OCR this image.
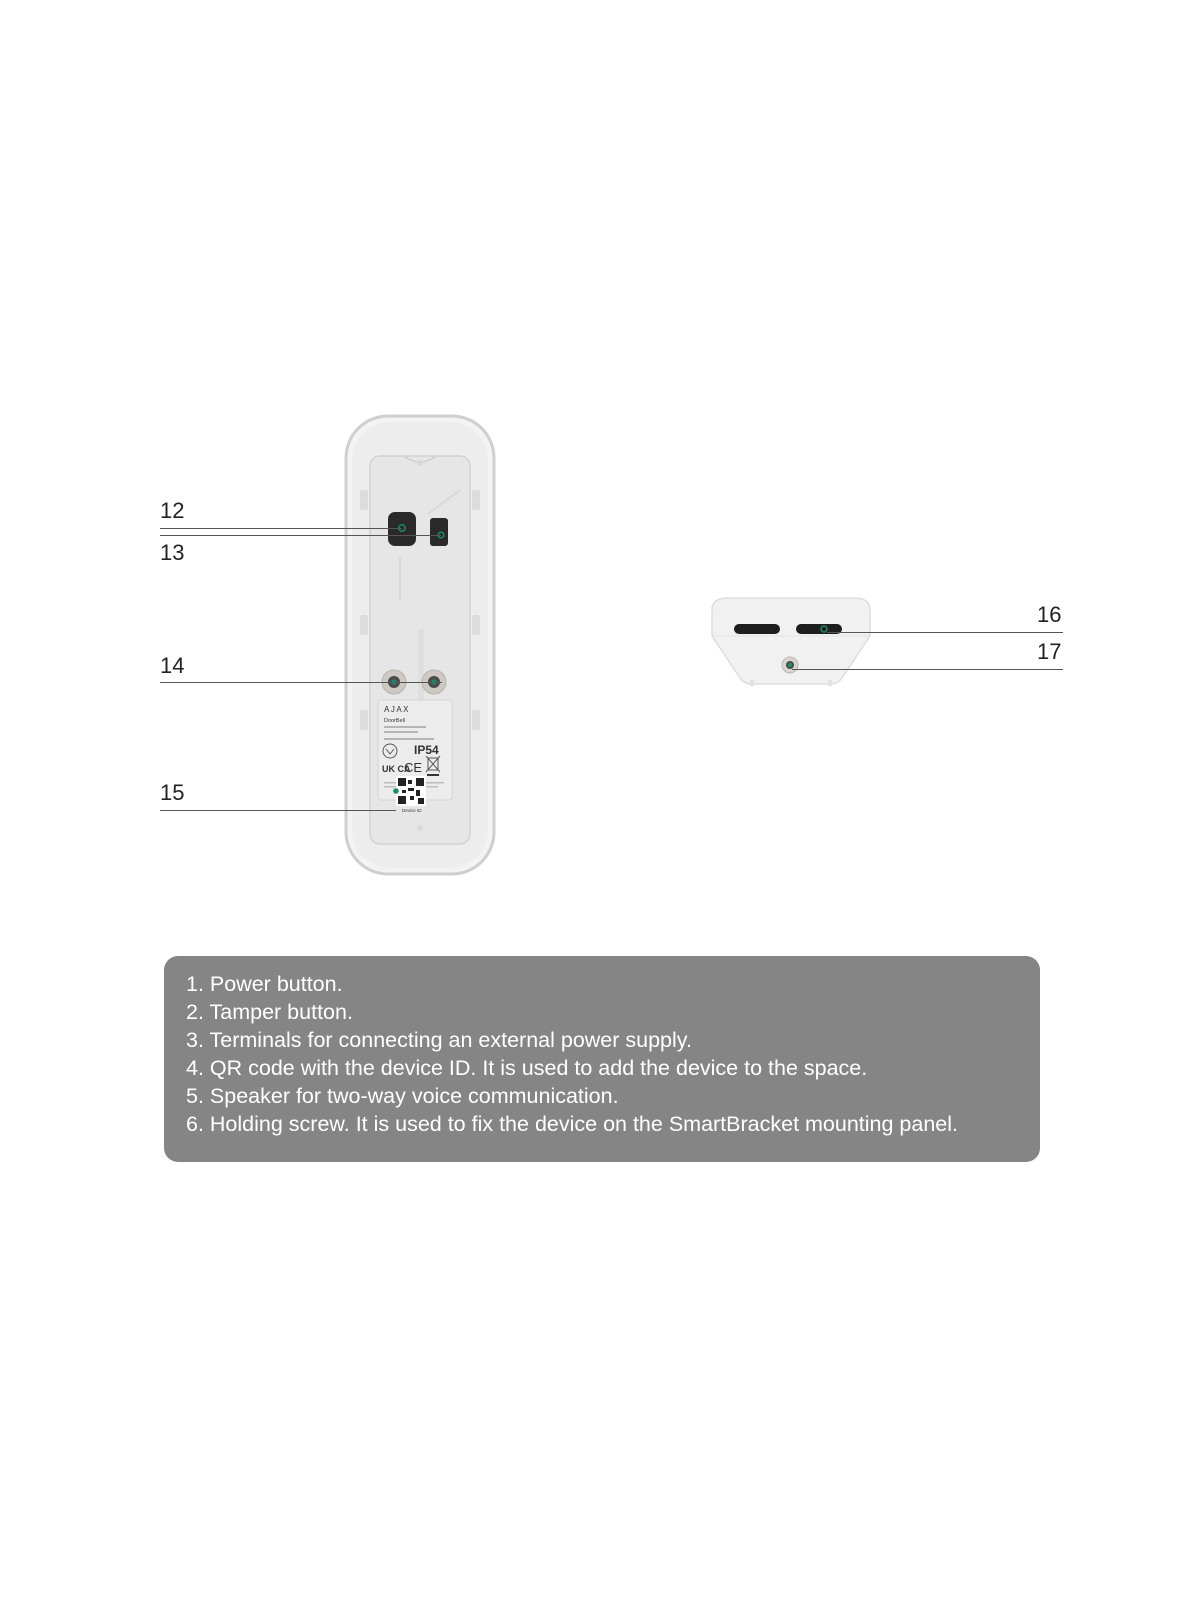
AJAX
DoorBell
IP54
UK CA
CE
Device ID
12
13
14
15
16
17
1. Power button.
2. Tamper button.
3. Terminals for connecting an external power supply.
4. QR code with the device ID. It is used to add the device to the space.
5. Speaker for two-way voice communication.
6. Holding screw. It is used to fix the device on the SmartBracket mounting panel.
